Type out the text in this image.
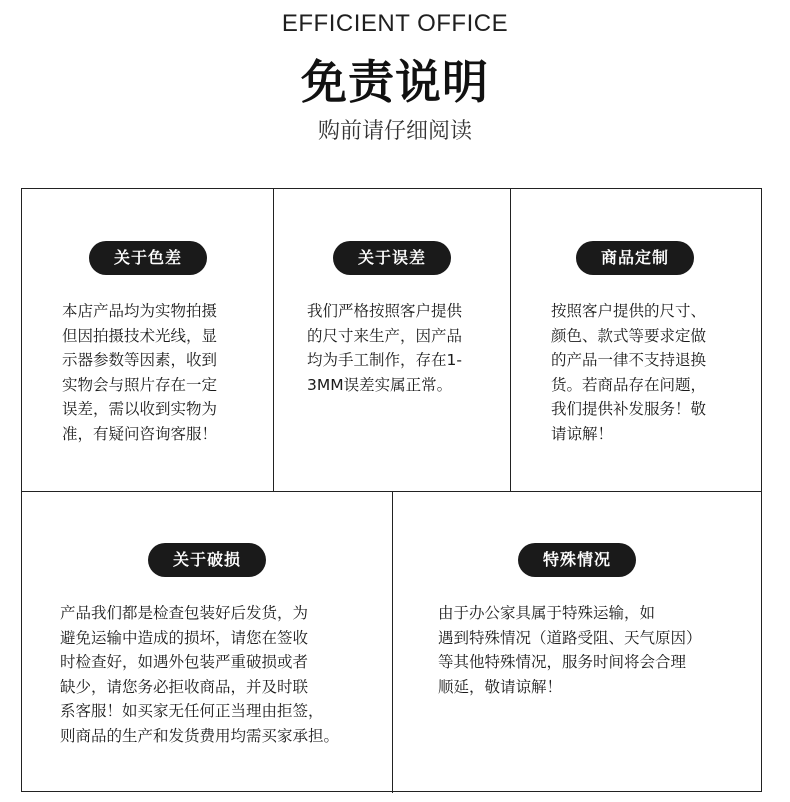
EFFICIENT OFFICE
免责说明
购前请仔细阅读
关于色差
本店产品均为实物拍摄
但因拍摄技术光线，显
示器参数等因素，收到
实物会与照片存在一定
误差，需以收到实物为
准，有疑问咨询客服！
关于误差
我们严格按照客户提供
的尺寸来生产，因产品
均为手工制作，存在1-
3MM误差实属正常。
商品定制
按照客户提供的尺寸、
颜色、款式等要求定做
的产品一律不支持退换
货。若商品存在问题，
我们提供补发服务！敬
请谅解！
关于破损
产品我们都是检查包装好后发货，为
避免运输中造成的损坏，请您在签收
时检查好，如遇外包装严重破损或者
缺少，请您务必拒收商品，并及时联
系客服！如买家无任何正当理由拒签，
则商品的生产和发货费用均需买家承担。
特殊情况
由于办公家具属于特殊运输，如
遇到特殊情况（道路受阻、天气原因）
等其他特殊情况，服务时间将会合理
顺延，敬请谅解！
